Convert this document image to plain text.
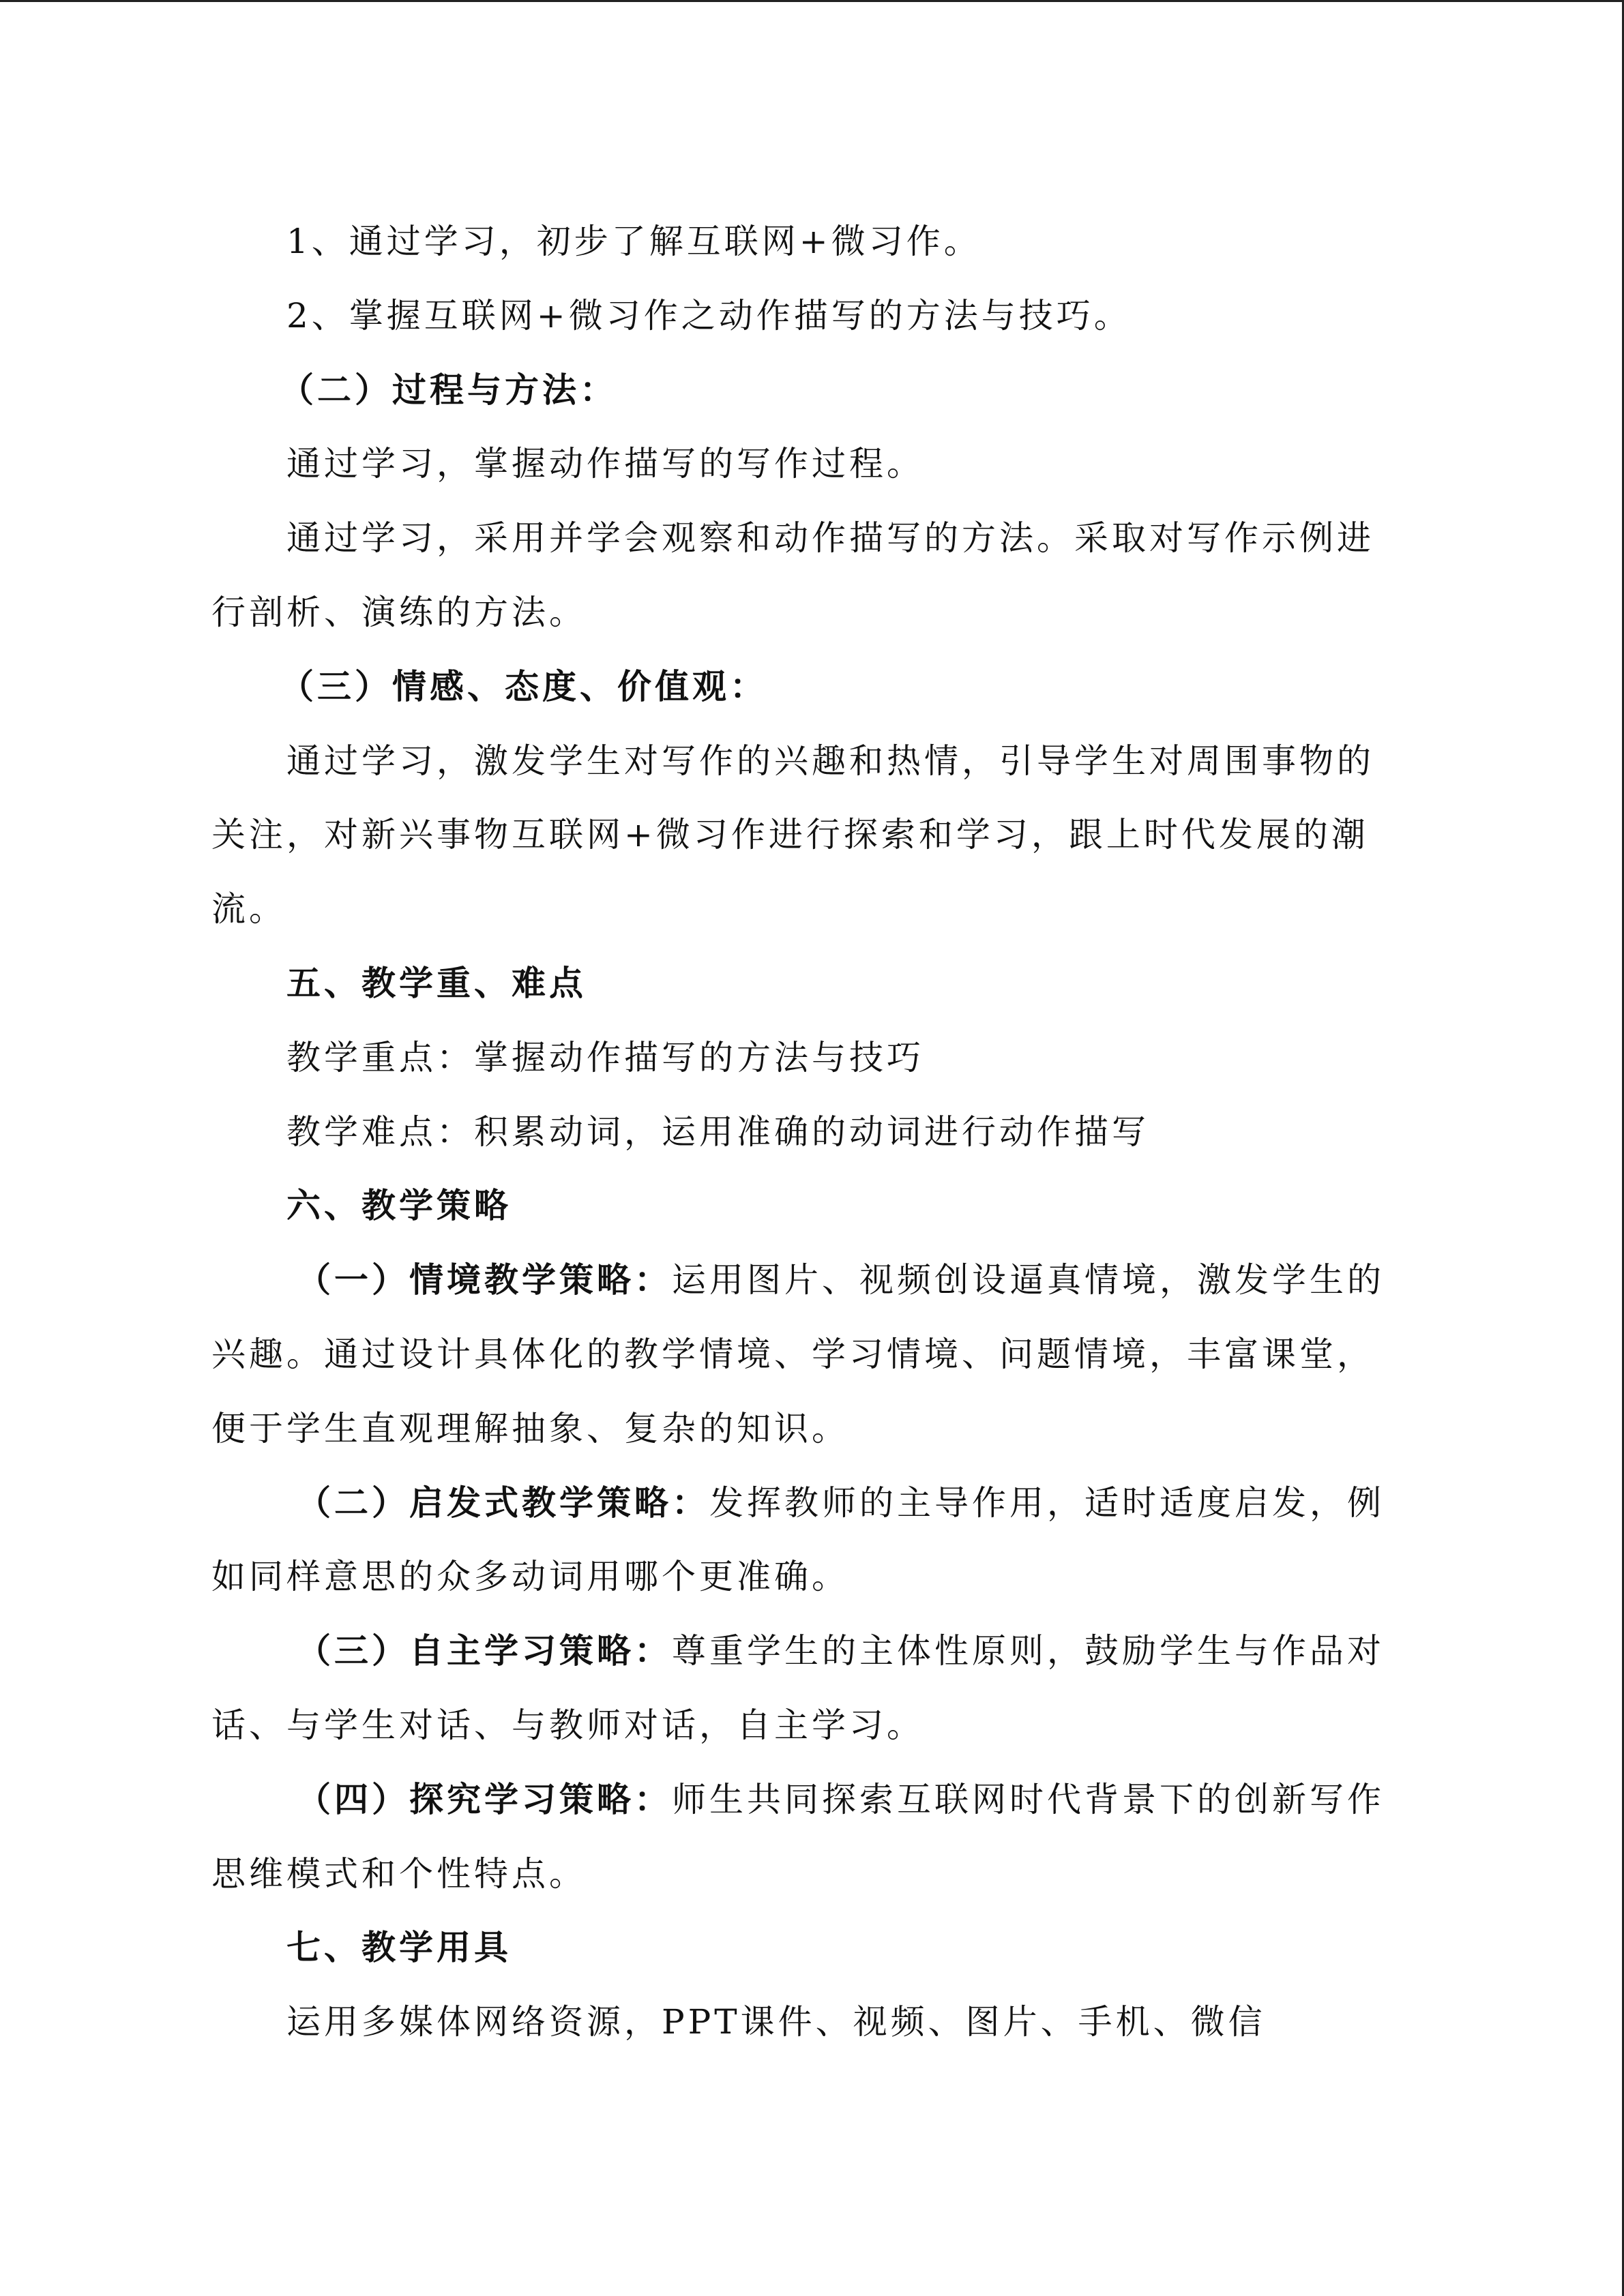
1、通过学习，初步了解互联网+微习作。
2、掌握互联网+微习作之动作描写的方法与技巧。
（二）过程与方法：
通过学习，掌握动作描写的写作过程。
通过学习，采用并学会观察和动作描写的方法。采取对写作示例进
行剖析、演练的方法。
（三）情感、态度、价值观：
通过学习，激发学生对写作的兴趣和热情，引导学生对周围事物的
关注，对新兴事物互联网+微习作进行探索和学习，跟上时代发展的潮
流。
五、教学重、难点
教学重点：掌握动作描写的方法与技巧
教学难点：积累动词，运用准确的动词进行动作描写
六、教学策略
（一）情境教学策略：运用图片、视频创设逼真情境，激发学生的
兴趣。通过设计具体化的教学情境、学习情境、问题情境，丰富课堂，
便于学生直观理解抽象、复杂的知识。
（二）启发式教学策略：发挥教师的主导作用，适时适度启发，例
如同样意思的众多动词用哪个更准确。
（三）自主学习策略：尊重学生的主体性原则，鼓励学生与作品对
话、与学生对话、与教师对话，自主学习。
（四）探究学习策略：师生共同探索互联网时代背景下的创新写作
思维模式和个性特点。
七、教学用具
运用多媒体网络资源，PPT课件、视频、图片、手机、微信
